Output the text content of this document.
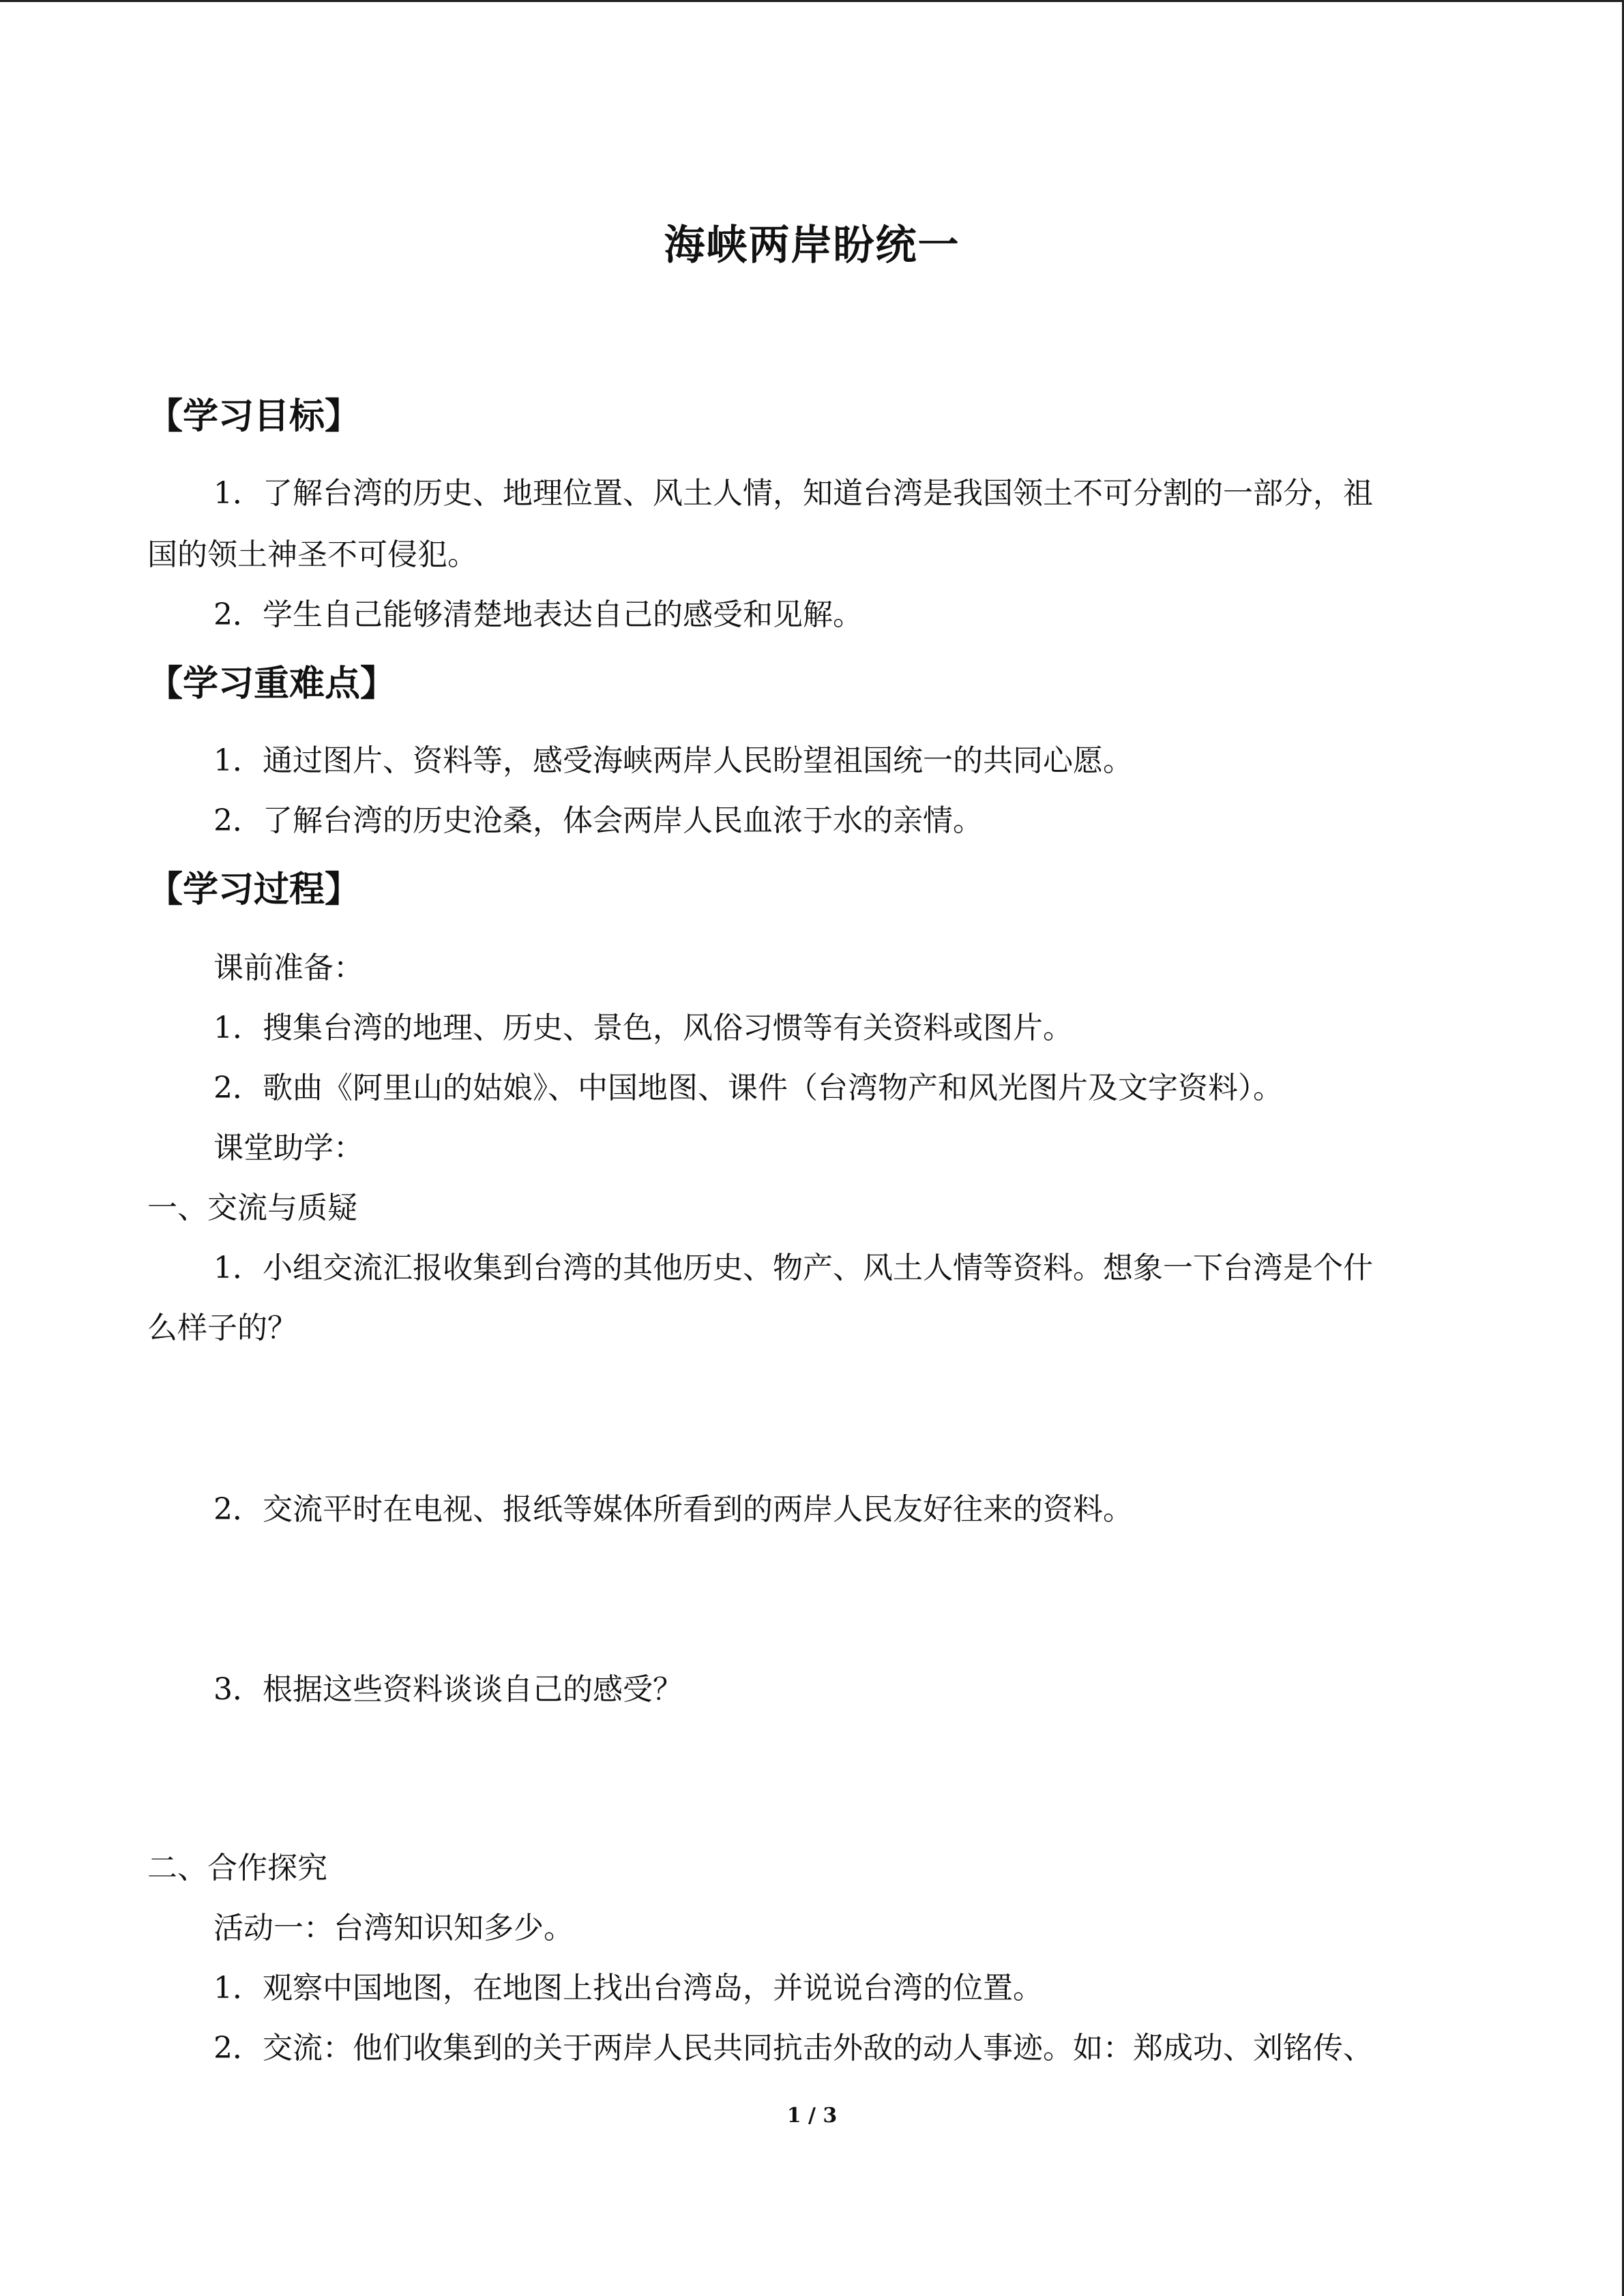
海峡两岸盼统一
【学习目标】
1．了解台湾的历史、地理位置、风土人情，知道台湾是我国领土不可分割的一部分，祖
国的领土神圣不可侵犯。
2．学生自己能够清楚地表达自己的感受和见解。
【学习重难点】
1．通过图片、资料等，感受海峡两岸人民盼望祖国统一的共同心愿。
2．了解台湾的历史沧桑，体会两岸人民血浓于水的亲情。
【学习过程】
课前准备：
1．搜集台湾的地理、历史、景色，风俗习惯等有关资料或图片。
2．歌曲《阿里山的姑娘》、中国地图、课件（台湾物产和风光图片及文字资料）。
课堂助学：
一、交流与质疑
1．小组交流汇报收集到台湾的其他历史、物产、风土人情等资料。想象一下台湾是个什
么样子的？
2．交流平时在电视、报纸等媒体所看到的两岸人民友好往来的资料。
3．根据这些资料谈谈自己的感受？
二、合作探究
活动一：台湾知识知多少。
1．观察中国地图，在地图上找出台湾岛，并说说台湾的位置。
2．交流：他们收集到的关于两岸人民共同抗击外敌的动人事迹。如：郑成功、刘铭传、
1 / 3
